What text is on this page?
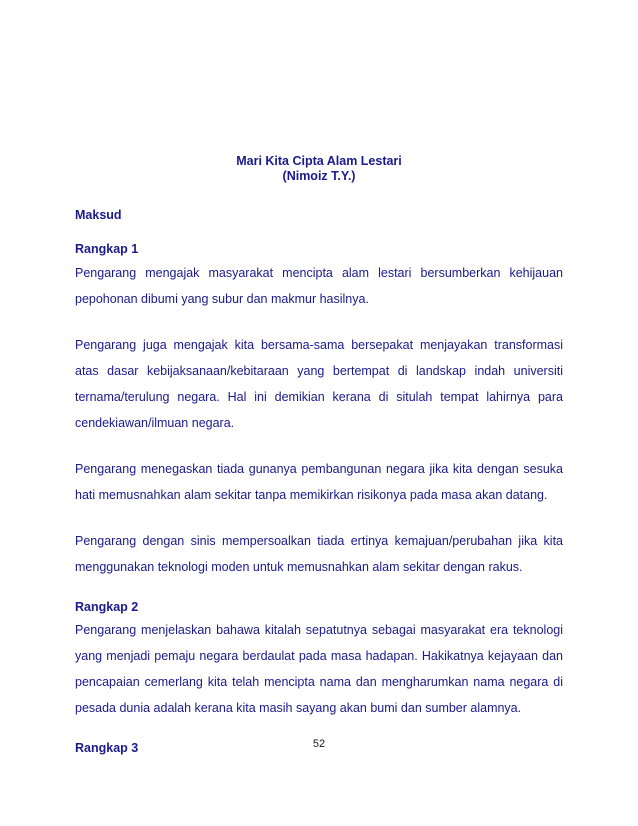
Mari Kita Cipta Alam Lestari
(Nimoiz T.Y.)

Maksud

Rangkap 1

Pengarang mengajak masyarakat mencipta alam lestari bersumberkan kehijauan pepohonan dibumi yang subur dan makmur hasilnya.

Pengarang juga mengajak kita bersama-sama bersepakat menjayakan transformasi atas dasar kebijaksanaan/kebitaraan yang bertempat di landskap indah universiti ternama/terulung negara. Hal ini demikian kerana di situlah tempat lahirnya para cendekiawan/ilmuan negara.

Pengarang menegaskan tiada gunanya pembangunan negara jika kita dengan sesuka hati memusnahkan alam sekitar tanpa memikirkan risikonya pada masa akan datang.

Pengarang dengan sinis mempersoalkan tiada ertinya kemajuan/perubahan jika kita menggunakan teknologi moden untuk memusnahkan alam sekitar dengan rakus.

Rangkap 2

Pengarang menjelaskan bahawa kitalah sepatutnya sebagai masyarakat era teknologi yang menjadi pemaju negara berdaulat pada masa hadapan. Hakikatnya kejayaan dan pencapaian cemerlang kita telah mencipta nama dan mengharumkan nama negara di pesada dunia adalah kerana kita masih sayang akan bumi dan sumber alamnya.

Rangkap 3	52
